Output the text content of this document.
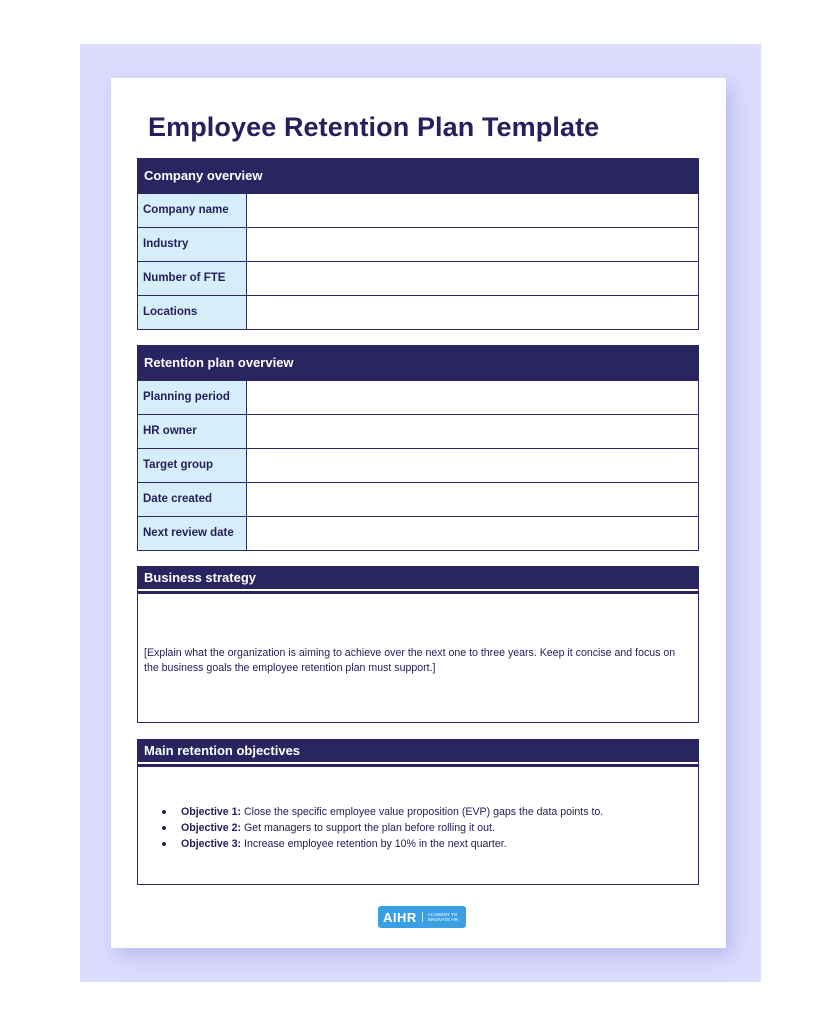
Employee Retention Plan Template
Company overview
Company name
Industry
Number of FTE
Locations
Retention plan overview
Planning period
HR owner
Target group
Date created
Next review date
Business strategy
[Explain what the organization is aiming to achieve over the next one to three years. Keep it concise and focus on the business goals the employee retention plan must support.]
Main retention objectives
Objective 1: Close the specific employee value proposition (EVP) gaps the data points to.
Objective 2: Get managers to support the plan before rolling it out.
Objective 3: Increase employee retention by 10% in the next quarter.
AIHR	ACADEMY TO INNOVATE HR
